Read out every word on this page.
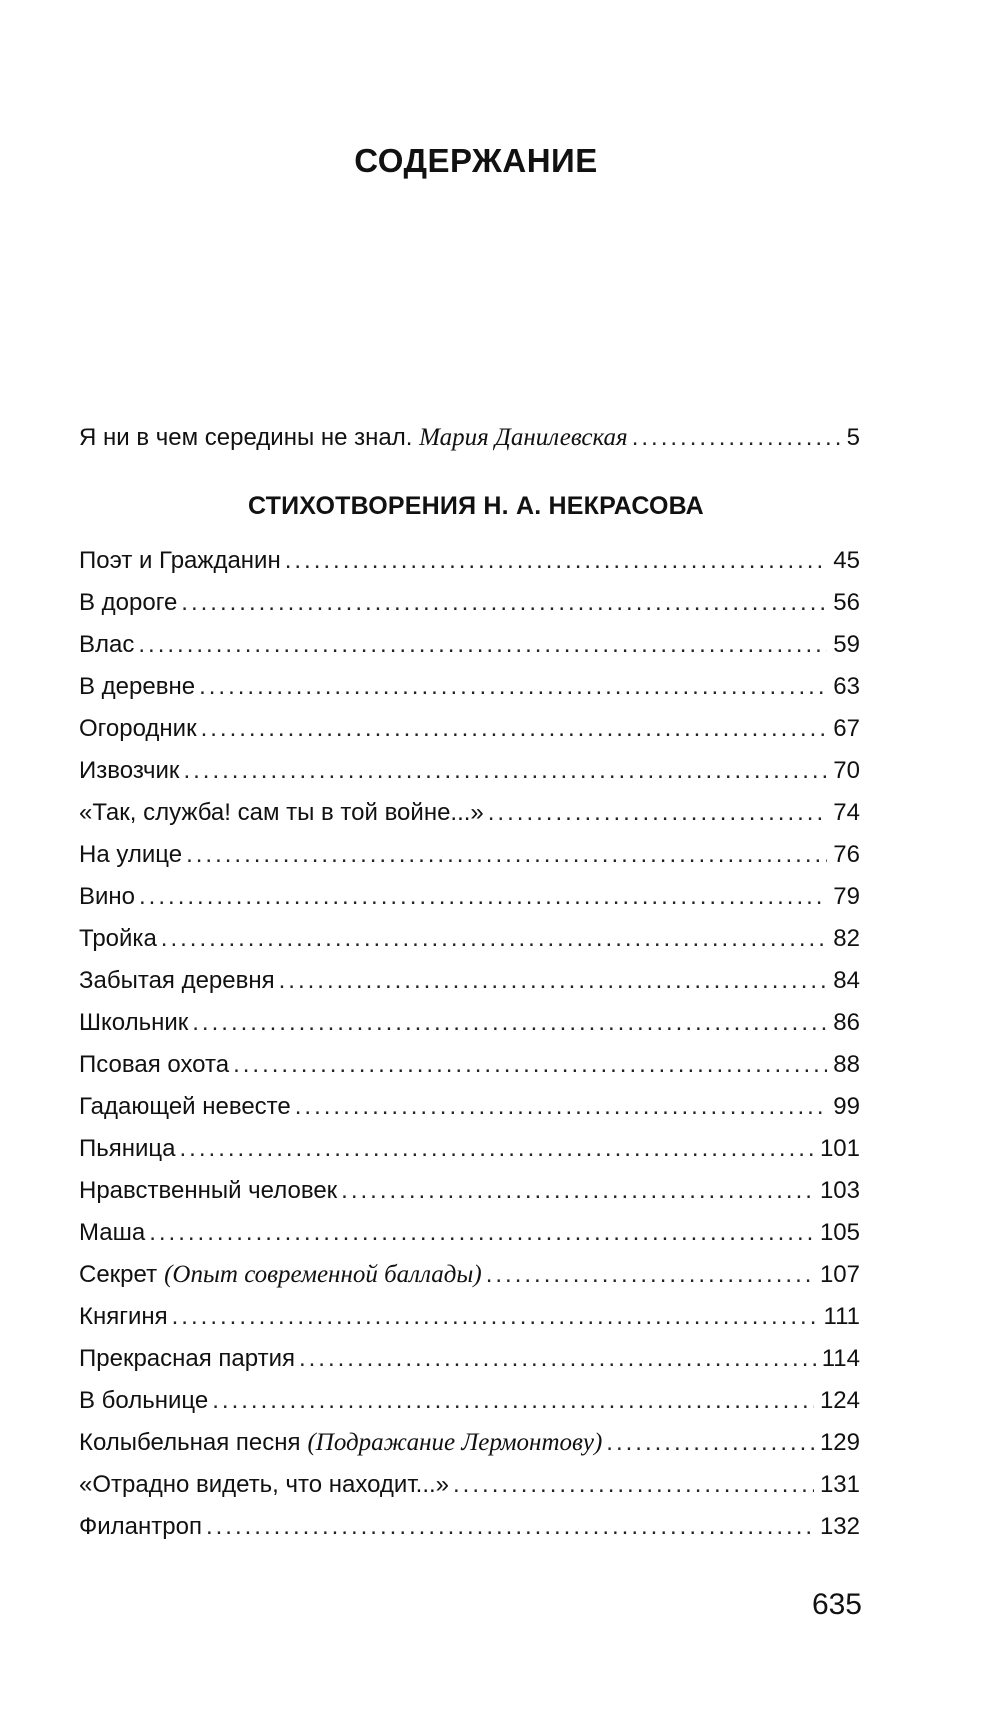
СОДЕРЖАНИЕ
Я ни в чем середины не знал. Мария Данилевская .....	5
СТИХОТВОРЕНИЯ Н. А. НЕКРАСОВА
Поэт и Гражданин .....	45
В дороге .....	56
Влас .....	59
В деревне .....	63
Огородник .....	67
Извозчик .....	70
«Так, служба! сам ты в той войне...» .....	74
На улице .....	76
Вино .....	79
Тройка .....	82
Забытая деревня .....	84
Школьник .....	86
Псовая охота .....	88
Гадающей невесте .....	99
Пьяница .....	101
Нравственный человек .....	103
Маша .....	105
Секрет (Опыт современной баллады) .....	107
Княгиня .....	111
Прекрасная партия .....	114
В больнице .....	124
Колыбельная песня (Подражание Лермонтову) .....	129
«Отрадно видеть, что находит...» .....	131
Филантроп .....	132
635
